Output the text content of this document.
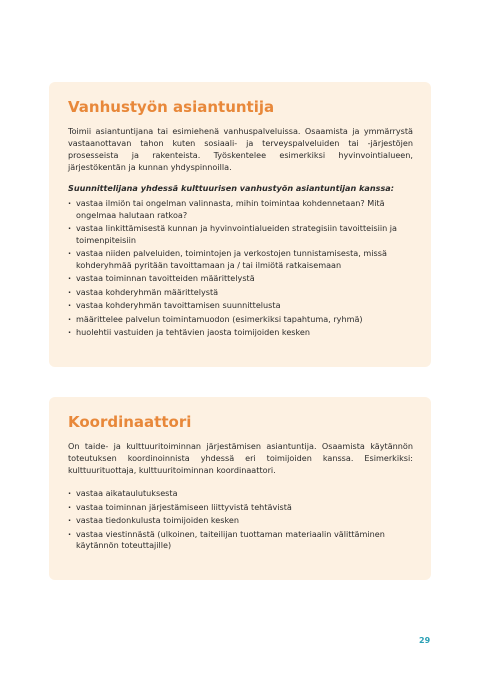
Vanhustyön asiantuntija

Toimii asiantuntijana tai esimiehenä vanhuspalveluissa. Osaamista ja ymmärrystä vastaanottavan tahon kuten sosiaali- ja terveyspalveluiden tai -järjestöjen prosesseista ja rakenteista. Työskentelee esimerkiksi hyvinvointialueen, järjestökentän ja kunnan yhdyspinnoilla.

Suunnittelijana yhdessä kulttuurisen vanhustyön asiantuntijan kanssa:

· vastaa ilmiön tai ongelman valinnasta, mihin toimintaa kohdennetaan? Mitä ongelmaa halutaan ratkoa?
· vastaa linkittämisestä kunnan ja hyvinvointialueiden strategisiin tavoitteisiin ja toimenpiteisiin
· vastaa niiden palveluiden, toimintojen ja verkostojen tunnistamisesta, missä kohderyhmää pyritään tavoittamaan ja / tai ilmiötä ratkaisemaan
· vastaa toiminnan tavoitteiden määrittelystä
· vastaa kohderyhmän määrittelystä
· vastaa kohderyhmän tavoittamisen suunnittelusta
· määrittelee palvelun toimintamuodon (esimerkiksi tapahtuma, ryhmä)
· huolehtii vastuiden ja tehtävien jaosta toimijoiden kesken
Koordinaattori

On taide- ja kulttuuritoiminnan järjestämisen asiantuntija. Osaamista käytännön toteutuksen koordinoinnista yhdessä eri toimijoiden kanssa. Esimerkiksi: kulttuurituottaja, kulttuuritoiminnan koordinaattori.

· vastaa aikataulutuksesta
· vastaa toiminnan järjestämiseen liittyvistä tehtävistä
· vastaa tiedonkulusta toimijoiden kesken
· vastaa viestinnästä (ulkoinen, taiteilijan tuottaman materiaalin välittäminen käytännön toteuttajille)
29
